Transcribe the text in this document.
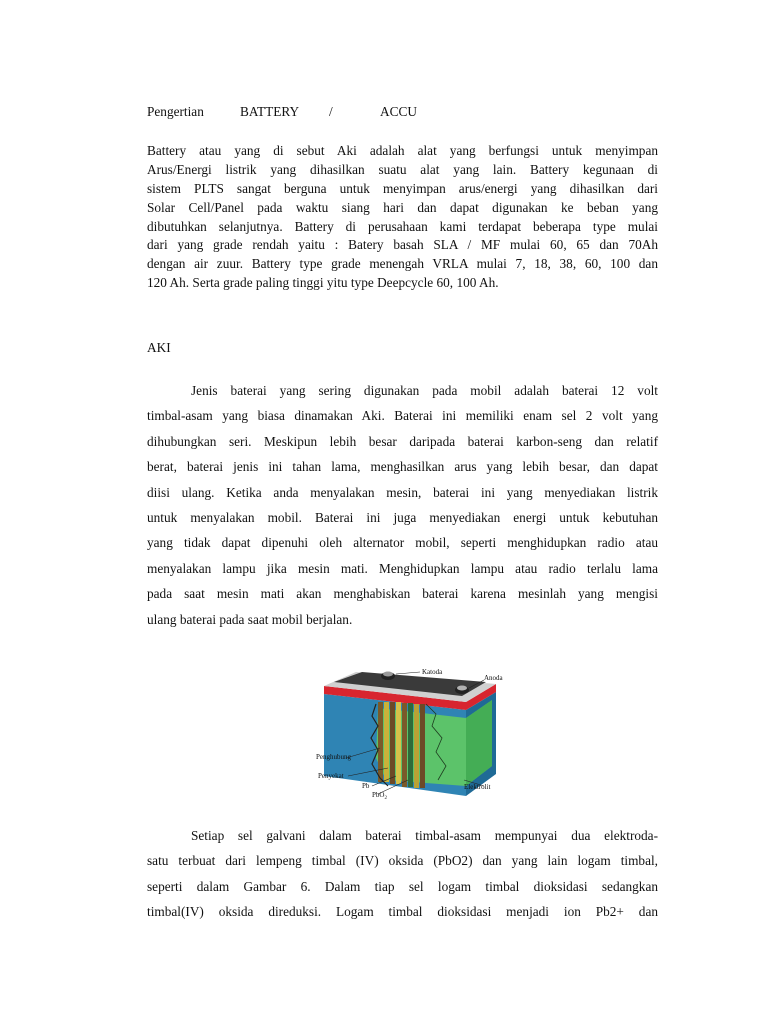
Pengertian

	BATTERY

/

	ACCU

Battery atau yang di sebut Aki adalah alat yang berfungsi untuk menyimpan
Arus/Energi listrik yang dihasilkan suatu alat yang lain. Battery kegunaan di
sistem PLTS sangat berguna untuk menyimpan arus/energi yang dihasilkan dari
Solar Cell/Panel pada waktu siang hari dan dapat digunakan ke beban yang
dibutuhkan selanjutnya. Battery di perusahaan kami terdapat beberapa type mulai
dari yang grade rendah yaitu : Batery basah SLA / MF mulai 60, 65 dan 70Ah
dengan air zuur. Battery type grade menengah VRLA mulai 7, 18, 38, 60, 100 dan
120 Ah. Serta grade paling tinggi yitu type Deepcycle 60, 100 Ah.
AKI
Jenis baterai yang sering digunakan pada mobil adalah baterai 12 volt
timbal-asam yang biasa dinamakan Aki. Baterai ini memiliki enam sel 2 volt yang
dihubungkan seri. Meskipun lebih besar daripada baterai karbon-seng dan relatif
berat, baterai jenis ini tahan lama, menghasilkan arus yang lebih besar, dan dapat
diisi ulang. Ketika anda menyalakan mesin, baterai ini yang menyediakan listrik
untuk menyalakan mobil. Baterai ini juga menyediakan energi untuk kebutuhan
yang tidak dapat dipenuhi oleh alternator mobil, seperti menghidupkan radio atau
menyalakan lampu jika mesin mati. Menghidupkan lampu atau radio terlalu lama
pada saat mesin mati akan menghabiskan baterai karena mesinlah yang mengisi
ulang baterai pada saat mobil berjalan.
Katoda
Anoda
Penghubung
Penyekat
Pb
PbO$_2$
Elektrolit
Setiap sel galvani dalam baterai timbal-asam mempunyai dua elektroda-
satu terbuat dari lempeng timbal (IV) oksida (PbO2) dan yang lain logam timbal,
seperti dalam Gambar 6. Dalam tiap sel logam timbal dioksidasi sedangkan
timbal(IV) oksida direduksi. Logam timbal dioksidasi menjadi ion Pb2+ dan
